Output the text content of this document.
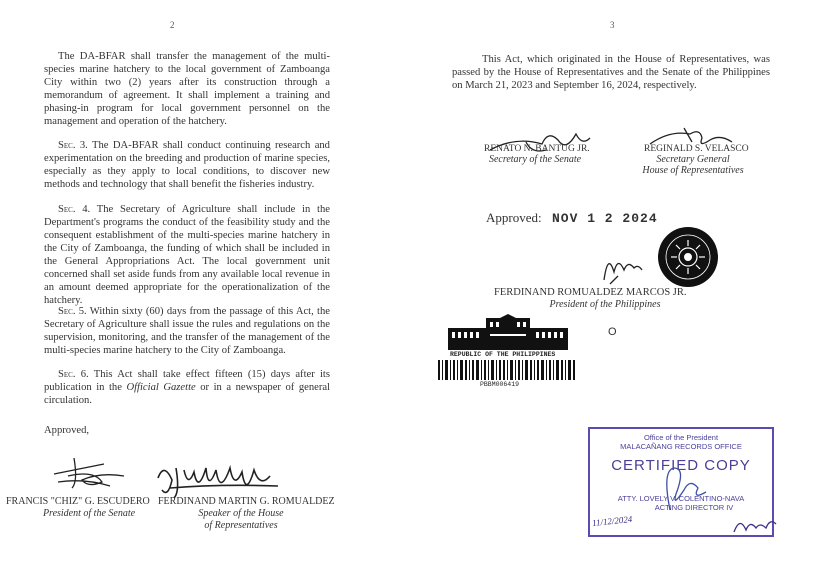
2

The DA-BFAR shall transfer the management of the multi-species marine hatchery to the local government of Zamboanga City within two (2) years after its construction through a memorandum of agreement. It shall implement a training and phasing-in program for local government personnel on the management and operation of the hatchery.

Sec. 3. The DA-BFAR shall conduct continuing research and experimentation on the breeding and production of marine species, especially as they apply to local conditions, to discover new methods and technology that shall benefit the fisheries industry.

Sec. 4. The Secretary of Agriculture shall include in the Department's programs the conduct of the feasibility study and the consequent establishment of the multi-species marine hatchery in the City of Zamboanga, the funding of which shall be included in the General Appropriations Act. The local government unit concerned shall set aside funds from any available local revenue in an amount deemed appropriate for the operationalization of the hatchery.

Sec. 5. Within sixty (60) days from the passage of this Act, the Secretary of Agriculture shall issue the rules and regulations on the supervision, monitoring, and the transfer of the management of the multi-species marine hatchery to the City of Zamboanga.

Sec. 6. This Act shall take effect fifteen (15) days after its publication in the Official Gazette or in a newspaper of general circulation.

Approved,
FRANCIS "CHIZ" G. ESCUDERO
President of the Senate
FERDINAND MARTIN G. ROMUALDEZ
Speaker of the House
of Representatives
3

This Act, which originated in the House of Representatives, was passed by the House of Representatives and the Senate of the Philippines on March 21, 2023 and September 16, 2024, respectively.

RENATO N. BANTUG JR.
Secretary of the Senate
REGINALD S. VELASCO
Secretary General
House of Representatives
Approved: NOV 1 2 2024
FERDINAND ROMUALDEZ MARCOS JR.
President of the Philippines
REPUBLIC OF THE PHILIPPINES
PBBM006419
O
Office of the President
MALACAÑANG RECORDS OFFICE
CERTIFIED COPY
ATTY. LOVELY V. COLENTINO-NAVA
ACTING DIRECTOR IV
11/12/2024
